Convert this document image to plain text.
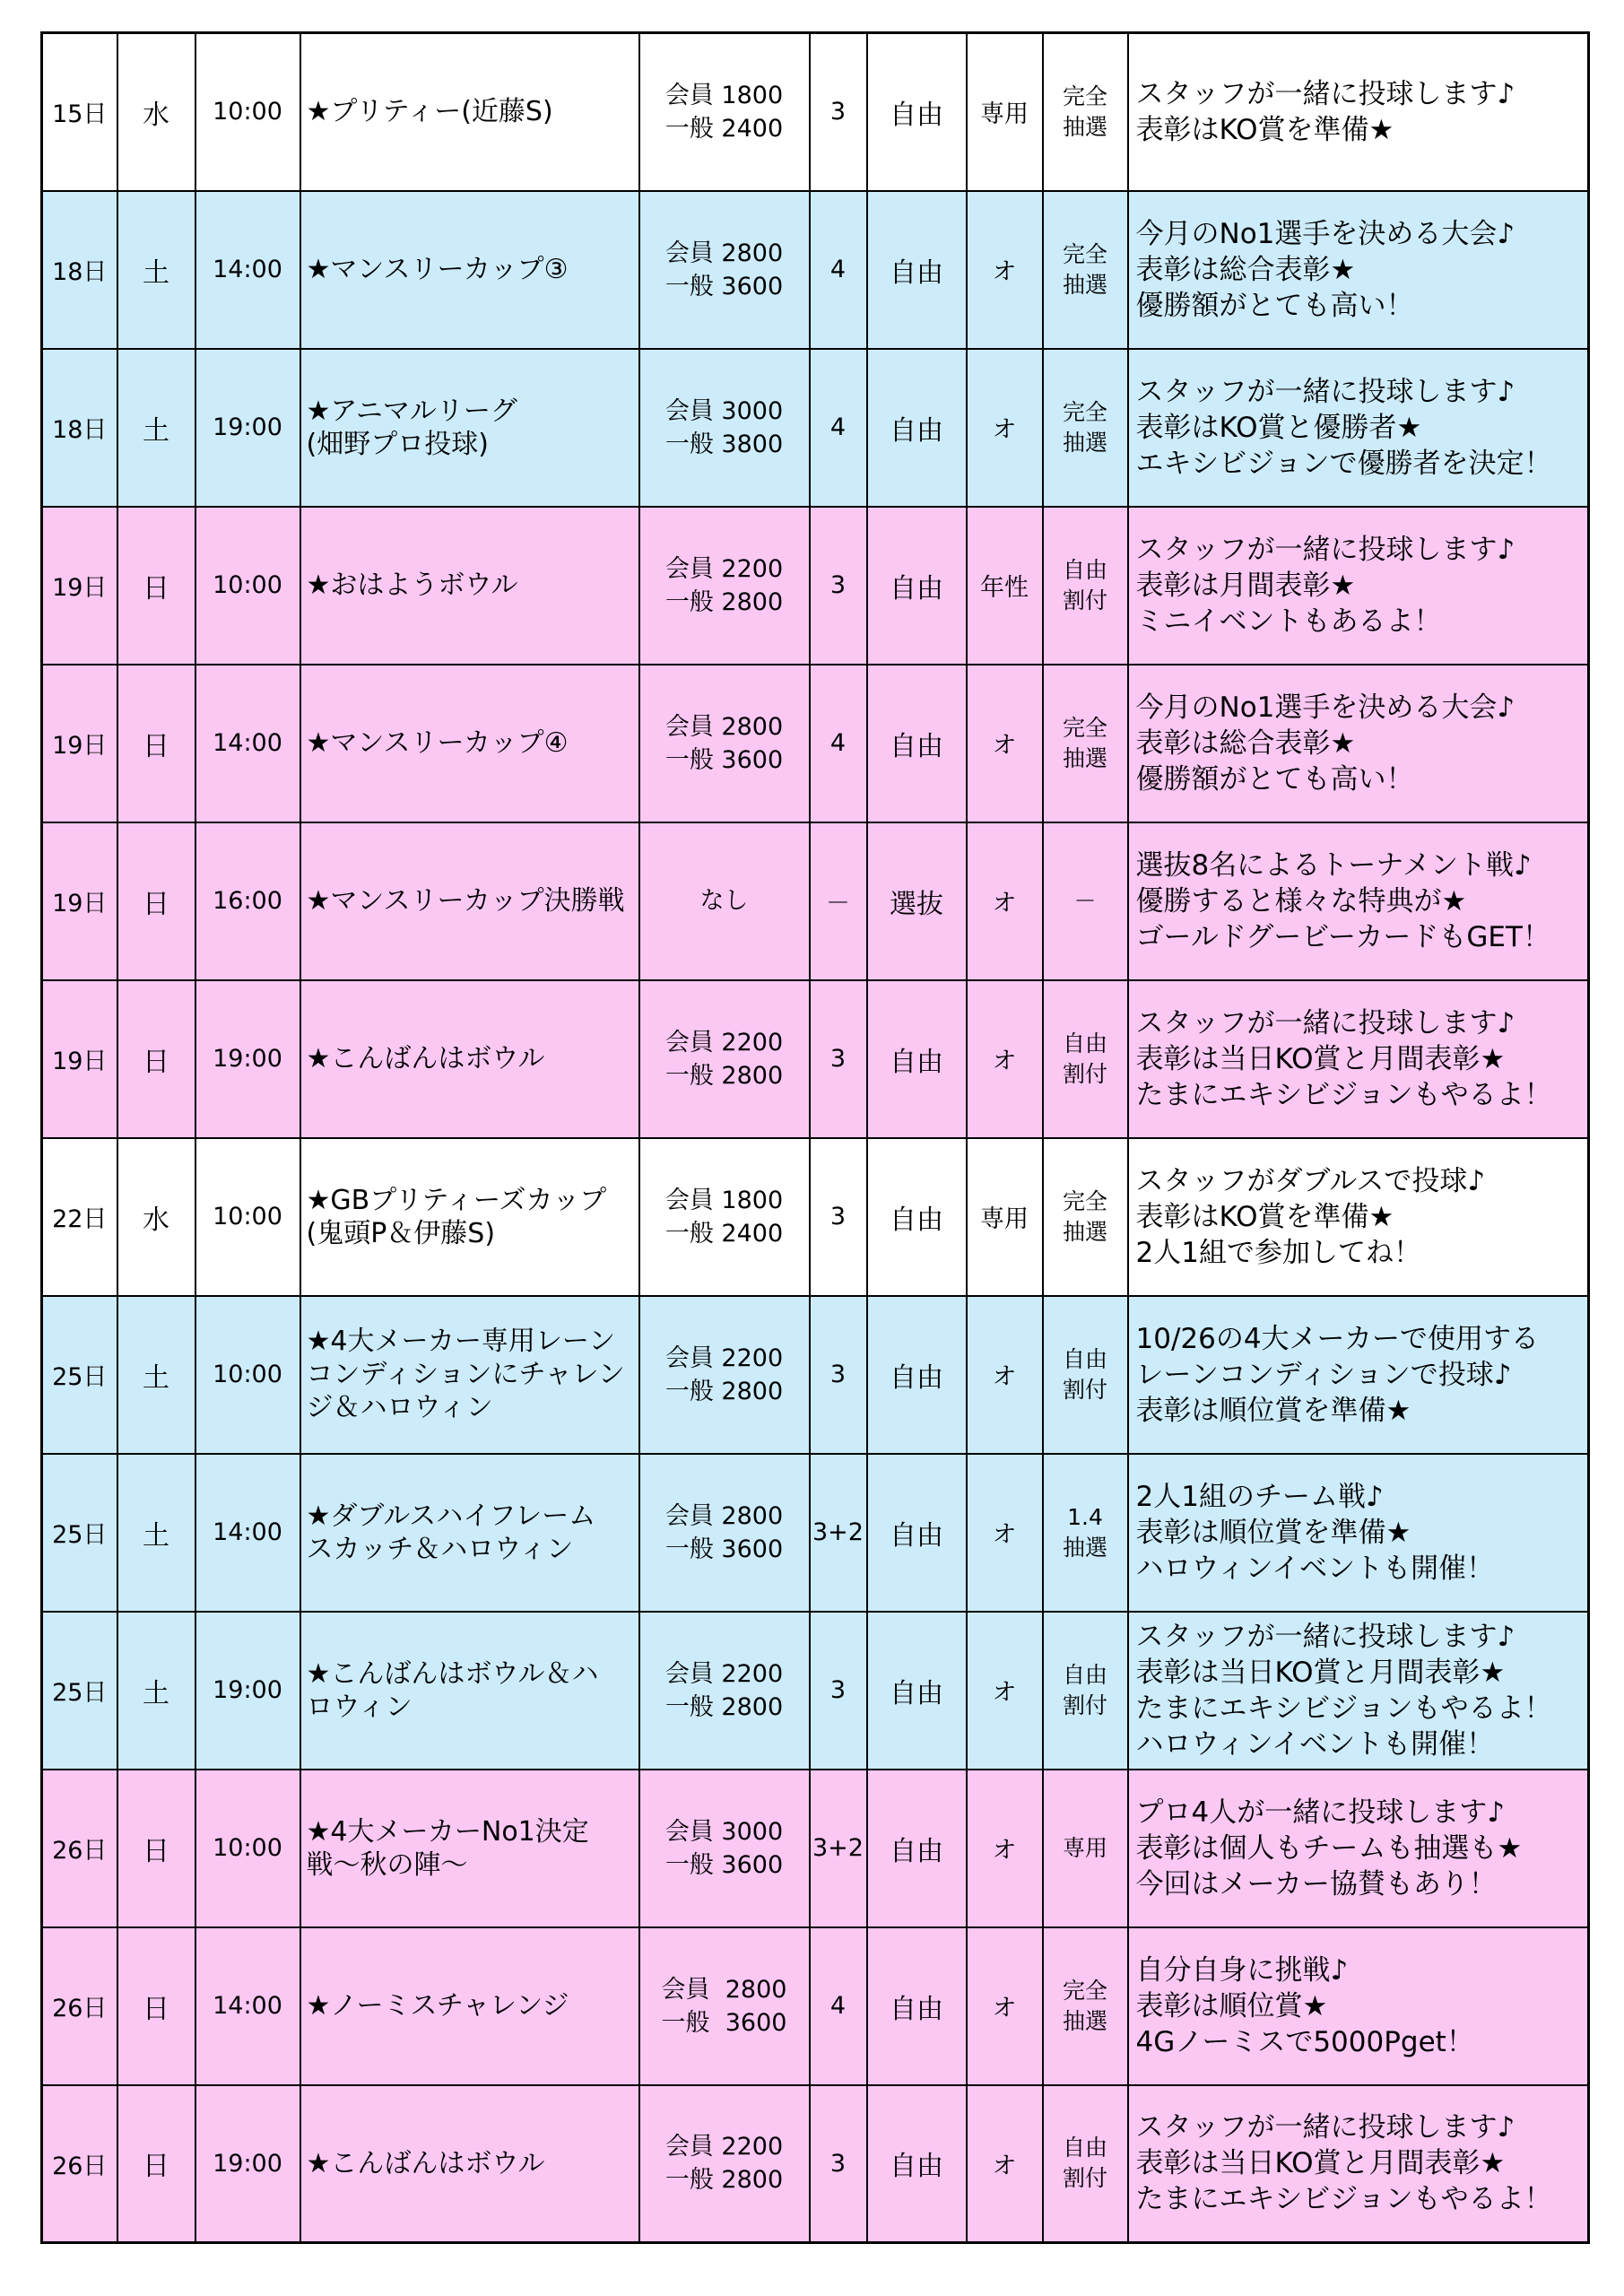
15日	水	10:00	★プリティー(近藤S)	会員 1800
一般 2400	3	自由	専用	完全
抽選	スタッフが一緒に投球します♪
表彰はKO賞を準備★

18日	土	14:00	★マンスリーカップ③	会員 2800
一般 3600	4	自由	オ	完全
抽選	今月のNo1選手を決める大会♪
表彰は総合表彰★
優勝額がとても高い！

18日	土	19:00	★アニマルリーグ
(畑野プロ投球)	会員 3000
一般 3800	4	自由	オ	完全
抽選	スタッフが一緒に投球します♪
表彰はKO賞と優勝者★
エキシビジョンで優勝者を決定！

19日	日	10:00	★おはようボウル	会員 2200
一般 2800	3	自由	年性	自由
割付	スタッフが一緒に投球します♪
表彰は月間表彰★
ミニイベントもあるよ！

19日	日	14:00	★マンスリーカップ④	会員 2800
一般 3600	4	自由	オ	完全
抽選	今月のNo1選手を決める大会♪
表彰は総合表彰★
優勝額がとても高い！

19日	日	16:00	★マンスリーカップ決勝戦	なし	－	選抜	オ	－	選抜8名によるトーナメント戦♪
優勝すると様々な特典が★
ゴールドグービーカードもGET！

19日	日	19:00	★こんばんはボウル	会員 2200
一般 2800	3	自由	オ	自由
割付	スタッフが一緒に投球します♪
表彰は当日KO賞と月間表彰★
たまにエキシビジョンもやるよ！

22日	水	10:00	★GBプリティーズカップ
(鬼頭P＆伊藤S)	会員 1800
一般 2400	3	自由	専用	完全
抽選	スタッフがダブルスで投球♪
表彰はKO賞を準備★
2人1組で参加してね！

25日	土	10:00	★4大メーカー専用レーン
コンディションにチャレン
ジ＆ハロウィン	会員 2200
一般 2800	3	自由	オ	自由
割付	10/26の4大メーカーで使用する
レーンコンディションで投球♪
表彰は順位賞を準備★

25日	土	14:00	★ダブルスハイフレーム
スカッチ＆ハロウィン	会員 2800
一般 3600	3+2	自由	オ	1.4
抽選	2人1組のチーム戦♪
表彰は順位賞を準備★
ハロウィンイベントも開催！

25日	土	19:00	★こんばんはボウル＆ハ
ロウィン	会員 2200
一般 2800	3	自由	オ	自由
割付	スタッフが一緒に投球します♪
表彰は当日KO賞と月間表彰★
たまにエキシビジョンもやるよ！
ハロウィンイベントも開催！

26日	日	10:00	★4大メーカーNo1決定
戦～秋の陣～	会員 3000
一般 3600	3+2	自由	オ	専用	プロ4人が一緒に投球します♪
表彰は個人もチームも抽選も★
今回はメーカー協賛もあり！

26日	日	14:00	★ノーミスチャレンジ	会員  2800
一般  3600	4	自由	オ	完全
抽選	自分自身に挑戦♪
表彰は順位賞★
4Gノーミスで5000Pget！

26日	日	19:00	★こんばんはボウル	会員 2200
一般 2800	3	自由	オ	自由
割付	スタッフが一緒に投球します♪
表彰は当日KO賞と月間表彰★
たまにエキシビジョンもやるよ！
